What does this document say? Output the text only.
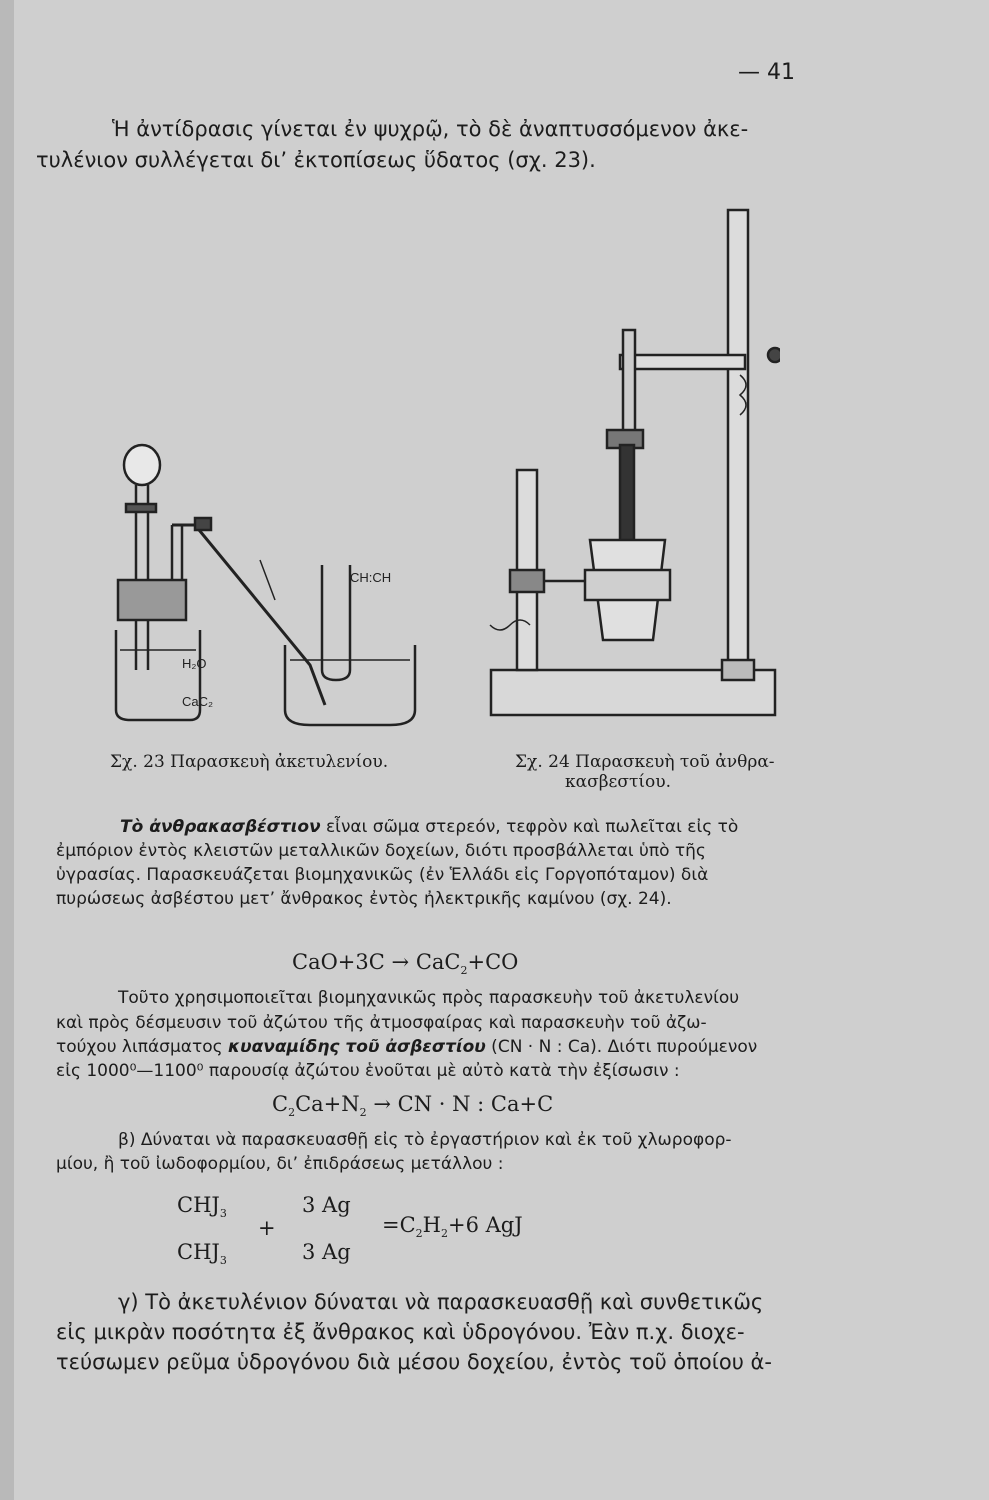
— 41
Ἡ ἀντίδρασις γίνεται ἐν ψυχρῷ, τὸ δὲ ἀναπτυσσόμενον ἀκε-
τυλένιον συλλέγεται δι’ ἐκτοπίσεως ὕδατος (σχ. 23).
CH:CH
H₂O
CaC₂
Σχ. 23 Παρασκευὴ ἀκετυλενίου.	Σχ. 24 Παρασκευὴ τοῦ ἀνθρα-
κασβεστίου.
Τὸ ἀνθρακασβέστιον εἶναι σῶμα στερεόν, τεφρὸν καὶ πωλεῖται εἰς τὸ
ἐμπόριον ἐντὸς κλειστῶν μεταλλικῶν δοχείων, διότι προσβάλλεται ὑπὸ τῆς
ὑγρασίας. Παρασκευάζεται βιομηχανικῶς (ἐν Ἑλλάδι εἰς Γοργοπόταμον) διὰ
πυρώσεως ἀσβέστου μετ’ ἄνθρακος ἐντὸς ἠλεκτρικῆς καμίνου (σχ. 24).
CaO+3C → CaC$_2$+CO
Τοῦτο χρησιμοποιεῖται βιομηχανικῶς πρὸς παρασκευὴν τοῦ ἀκετυλενίου
καὶ πρὸς δέσμευσιν τοῦ ἀζώτου τῆς ἀτμοσφαίρας καὶ παρασκευὴν τοῦ ἀζω-
τούχου λιπάσματος κυαναμίδης τοῦ ἀσβεστίου (CN · N : Ca). Διότι πυρούμενον
εἰς 1000⁰—1100⁰ παρουσίᾳ ἀζώτου ἑνοῦται μὲ αὐτὸ κατὰ τὴν ἐξίσωσιν :
$C_2Ca+N_2$ → CN · N : Ca+C
β) Δύναται νὰ παρασκευασθῇ εἰς τὸ ἐργαστήριον καὶ ἐκ τοῦ χλωροφορ-
μίου, ἢ τοῦ ἰωδοφορμίου, δι’ ἐπιδράσεως μετάλλου :
$CHJ_3$
$CHJ_3$
+
3 Ag
3 Ag
$=C_2H_2+6$ AgJ
γ) Τὸ ἀκετυλένιον δύναται νὰ παρασκευασθῇ καὶ συνθετικῶς
εἰς μικρὰν ποσότητα ἐξ ἄνθρακος καὶ ὑδρογόνου. Ἐὰν π.χ. διοχε-
τεύσωμεν ρεῦμα ὑδρογόνου διὰ μέσου δοχείου, ἐντὸς τοῦ ὁποίου ἀ-
